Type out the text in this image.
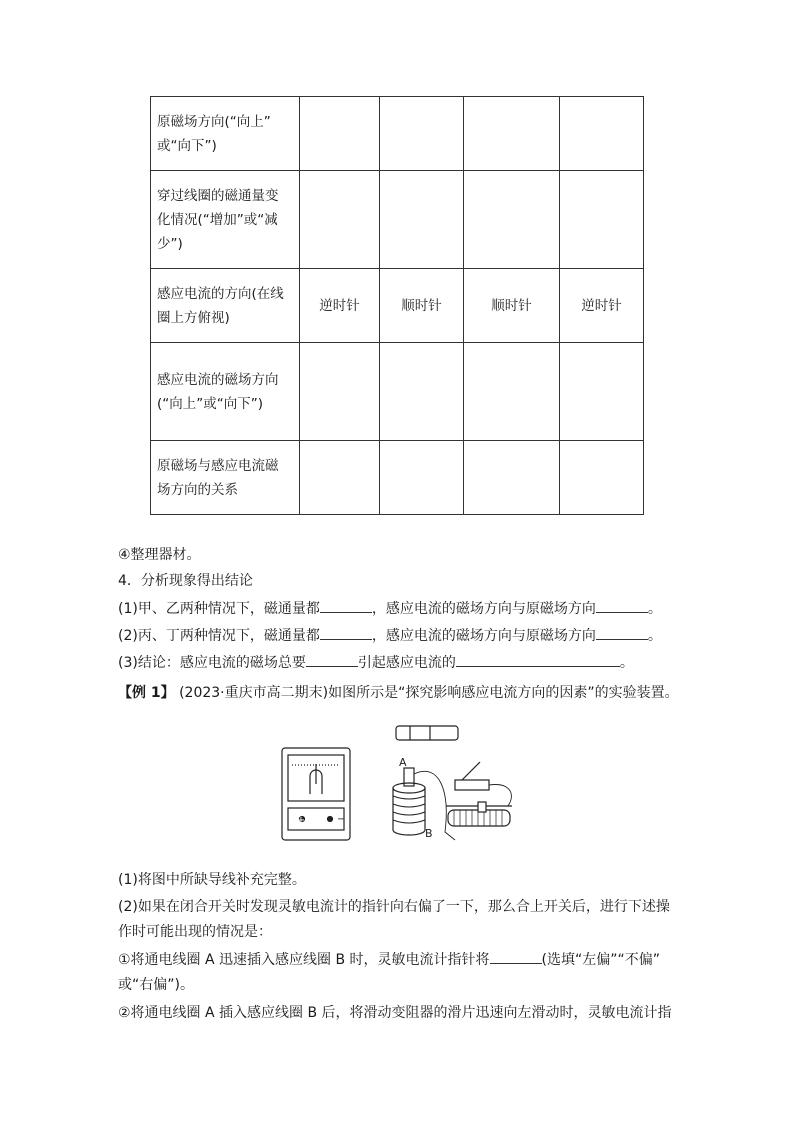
原磁场方向(“向上”
或“向下”)				

穿过线圈的磁通量变
化情况(“增加”或“减
少”)				

感应电流的方向(在线
圈上方俯视)	逆时针	顺时针	顺时针	逆时针

感应电流的磁场方向
(“向上”或“向下”)				

原磁场与感应电流磁
场方向的关系				

④整理器材。
4．分析现象得出结论
(1)甲、乙两种情况下，磁通量都	，感应电流的磁场方向与原磁场方向	。
(2)丙、丁两种情况下，磁通量都	，感应电流的磁场方向与原磁场方向	。
(3)结论：感应电流的磁场总要	引起感应电流的	。
【例 1】 (2023·重庆市高二期末)如图所示是“探究影响感应电流方向的因素”的实验装置。
+	−
A
B
(1)将图中所缺导线补充完整。
(2)如果在闭合开关时发现灵敏电流计的指针向右偏了一下，那么合上开关后，进行下述操
作时可能出现的情况是：
①将通电线圈 A 迅速插入感应线圈 B 时，灵敏电流计指针将	(选填“左偏”“不偏”
或“右偏”)。
②将通电线圈 A 插入感应线圈 B 后，将滑动变阻器的滑片迅速向左滑动时，灵敏电流计指
